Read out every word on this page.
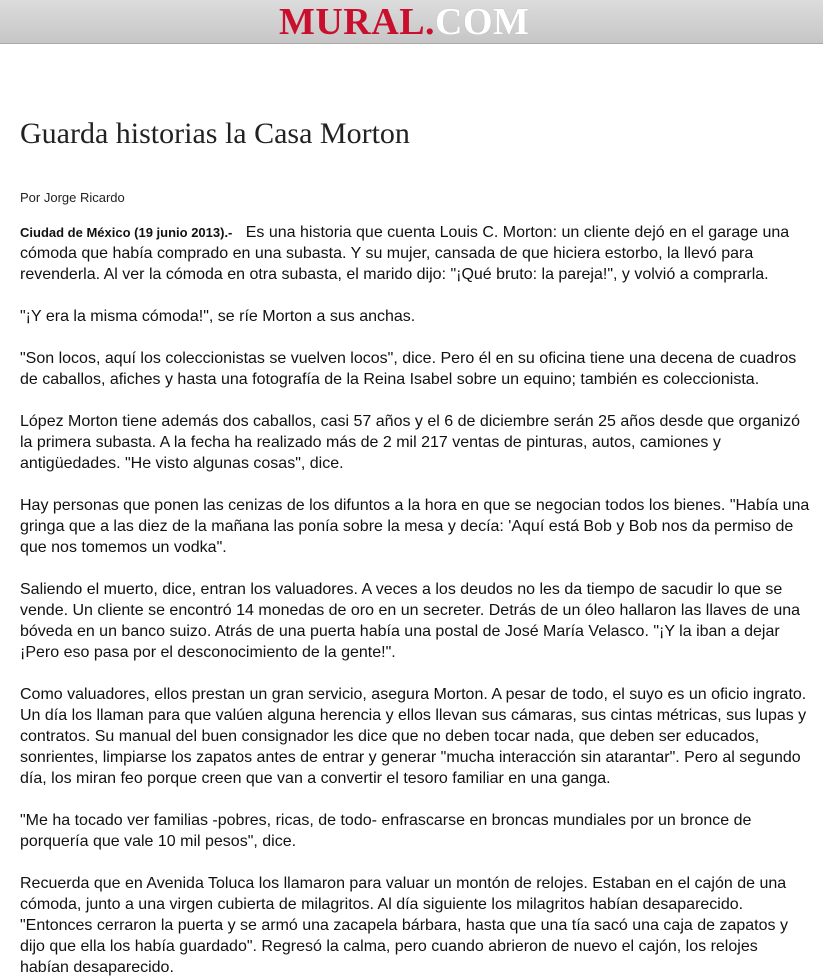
MURAL.COM
Guarda historias la Casa Morton
Por Jorge Ricardo

Ciudad de México (19 junio 2013).- Es una historia que cuenta Louis C. Morton: un cliente dejó en el garage una cómoda que había comprado en una subasta. Y su mujer, cansada de que hiciera estorbo, la llevó para revenderla. Al ver la cómoda en otra subasta, el marido dijo: "¡Qué bruto: la pareja!", y volvió a comprarla.

"¡Y era la misma cómoda!", se ríe Morton a sus anchas.

"Son locos, aquí los coleccionistas se vuelven locos", dice. Pero él en su oficina tiene una decena de cuadros de caballos, afiches y hasta una fotografía de la Reina Isabel sobre un equino; también es coleccionista.

López Morton tiene además dos caballos, casi 57 años y el 6 de diciembre serán 25 años desde que organizó la primera subasta. A la fecha ha realizado más de 2 mil 217 ventas de pinturas, autos, camiones y antigüedades. "He visto algunas cosas", dice.

Hay personas que ponen las cenizas de los difuntos a la hora en que se negocian todos los bienes. "Había una gringa que a las diez de la mañana las ponía sobre la mesa y decía: 'Aquí está Bob y Bob nos da permiso de que nos tomemos un vodka".

Saliendo el muerto, dice, entran los valuadores. A veces a los deudos no les da tiempo de sacudir lo que se vende. Un cliente se encontró 14 monedas de oro en un secreter. Detrás de un óleo hallaron las llaves de una bóveda en un banco suizo. Atrás de una puerta había una postal de José María Velasco. "¡Y la iban a dejar ¡Pero eso pasa por el desconocimiento de la gente!".

Como valuadores, ellos prestan un gran servicio, asegura Morton. A pesar de todo, el suyo es un oficio ingrato. Un día los llaman para que valúen alguna herencia y ellos llevan sus cámaras, sus cintas métricas, sus lupas y contratos. Su manual del buen consignador les dice que no deben tocar nada, que deben ser educados, sonrientes, limpiarse los zapatos antes de entrar y generar "mucha interacción sin atarantar". Pero al segundo día, los miran feo porque creen que van a convertir el tesoro familiar en una ganga.

"Me ha tocado ver familias -pobres, ricas, de todo- enfrascarse en broncas mundiales por un bronce de porquería que vale 10 mil pesos", dice.

Recuerda que en Avenida Toluca los llamaron para valuar un montón de relojes. Estaban en el cajón de una cómoda, junto a una virgen cubierta de milagritos. Al día siguiente los milagritos habían desaparecido. "Entonces cerraron la puerta y se armó una zacapela bárbara, hasta que una tía sacó una caja de zapatos y dijo que ella los había guardado". Regresó la calma, pero cuando abrieron de nuevo el cajón, los relojes habían desaparecido.
